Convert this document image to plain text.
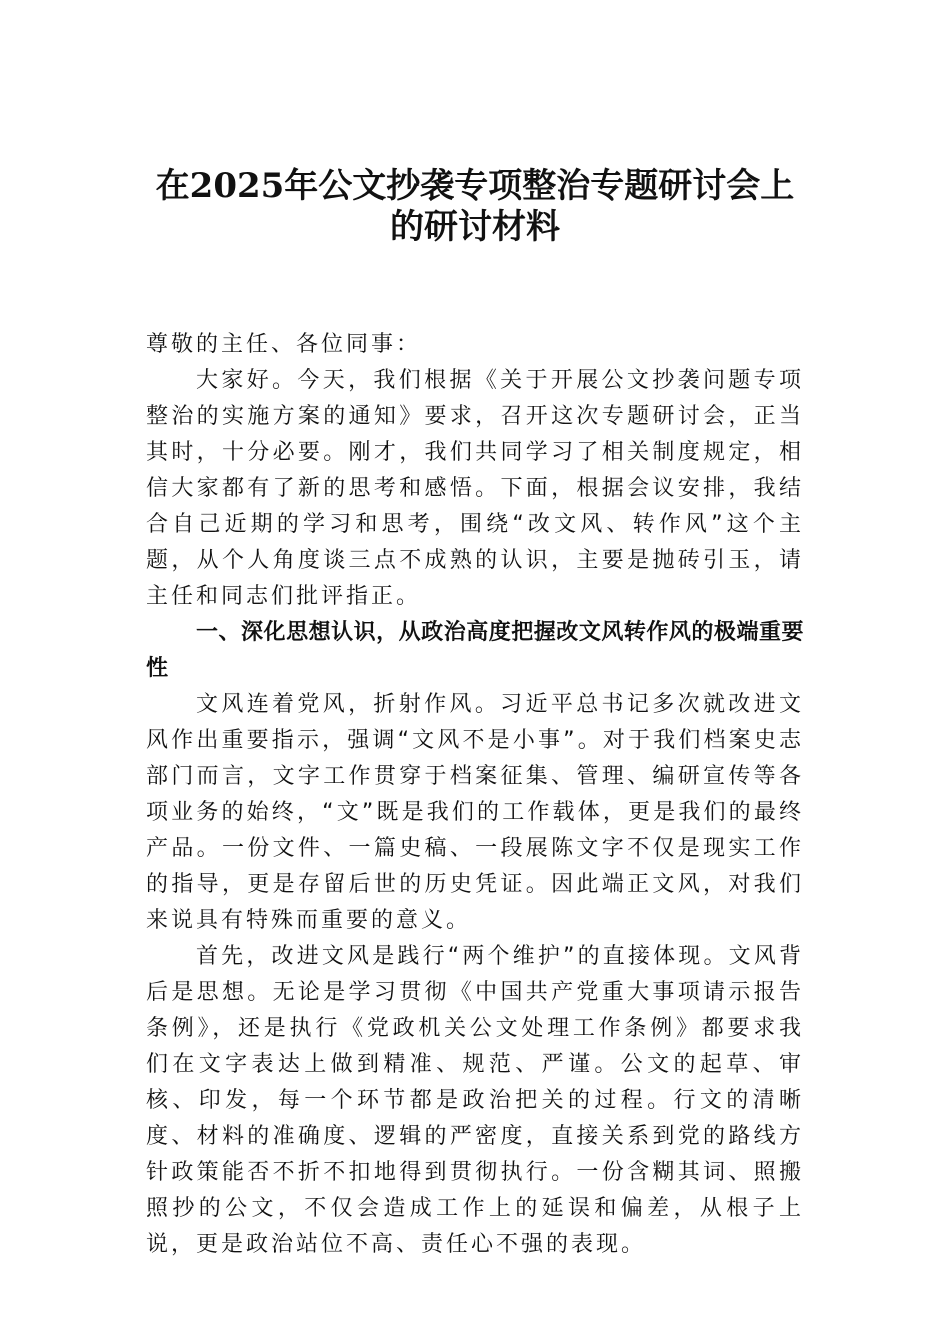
在2025年公文抄袭专项整治专题研讨会上
的研讨材料

尊敬的主任、各位同事：

大家好。今天，我们根据《关于开展公文抄袭问题专项整治的实施方案的通知》要求，召开这次专题研讨会，正当其时，十分必要。刚才，我们共同学习了相关制度规定，相信大家都有了新的思考和感悟。下面，根据会议安排，我结合自己近期的学习和思考，围绕“改文风、转作风”这个主题，从个人角度谈三点不成熟的认识，主要是抛砖引玉，请主任和同志们批评指正。

一、深化思想认识，从政治高度把握改文风转作风的极端重要性

文风连着党风，折射作风。习近平总书记多次就改进文风作出重要指示，强调“文风不是小事”。对于我们档案史志部门而言，文字工作贯穿于档案征集、管理、编研宣传等各项业务的始终，“文”既是我们的工作载体，更是我们的最终产品。一份文件、一篇史稿、一段展陈文字不仅是现实工作的指导，更是存留后世的历史凭证。因此端正文风，对我们来说具有特殊而重要的意义。

首先，改进文风是践行“两个维护”的直接体现。文风背后是思想。无论是学习贯彻《中国共产党重大事项请示报告条例》，还是执行《党政机关公文处理工作条例》都要求我们在文字表达上做到精准、规范、严谨。公文的起草、审核、印发，每一个环节都是政治把关的过程。行文的清晰度、材料的准确度、逻辑的严密度，直接关系到党的路线方针政策能否不折不扣地得到贯彻执行。一份含糊其词、照搬照抄的公文，不仅会造成工作上的延误和偏差，从根子上说，更是政治站位不高、责任心不强的表现。
